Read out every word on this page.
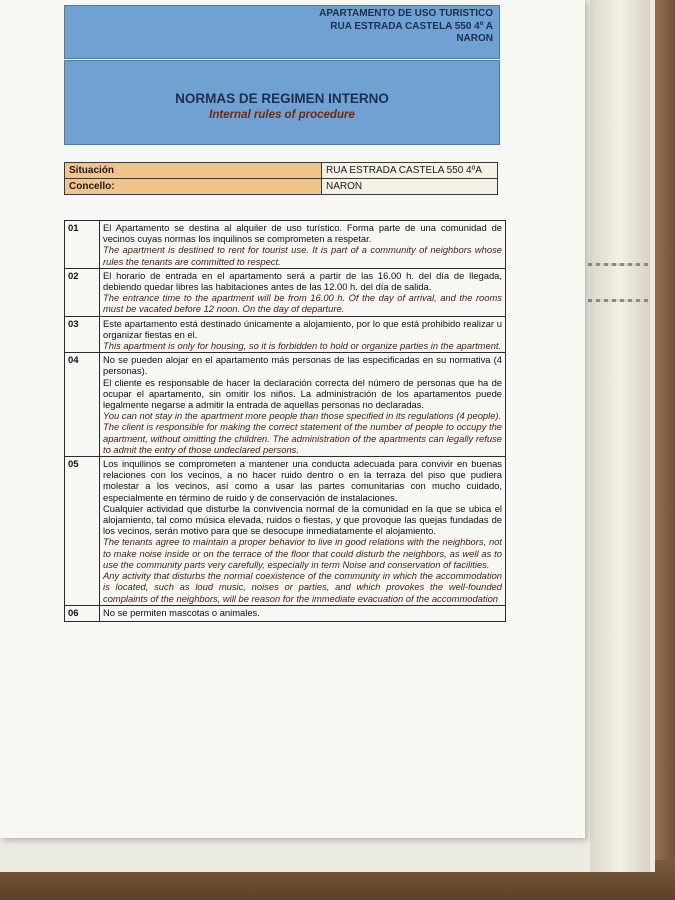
APARTAMENTO DE USO TURISTICO
RUA ESTRADA CASTELA 550 4º A
NARON
NORMAS DE REGIMEN INTERNO
Internal rules of procedure
Situación	RUA ESTRADA CASTELA 550 4ºA
Concello:	NARON
01	El Apartamento se destina al alquiler de uso turístico. Forma parte de una comunidad de vecinos cuyas normas los inquilinos se comprometen a respetar.
The apartment is destined to rent for tourist use. It is part of a community of neighbors whose rules the tenants are committed to respect.

02	El horario de entrada en el apartamento será a partir de las 16.00 h. del día de llegada, debiendo quedar libres las habitaciones antes de las 12.00 h. del día de salida.
The entrance time to the apartment will be from 16.00 h. Of the day of arrival, and the rooms must be vacated before 12 noon. On the day of departure.

03	Este apartamento está destinado únicamente a alojamiento, por lo que está prohibido realizar u organizar fiestas en el.
This apartment is only for housing, so it is forbidden to hold or organize parties in the apartment.

04	No se pueden alojar en el apartamento más personas de las especificadas en su normativa (4 personas).
El cliente es responsable de hacer la declaración correcta del número de personas que ha de ocupar el apartamento, sin omitir los niños. La administración de los apartamentos puede legalmente negarse a admitir la entrada de aquellas personas no declaradas.
You can not stay in the apartment more people than those specified in its regulations (4 people).
The client is responsible for making the correct statement of the number of people to occupy the apartment, without omitting the children. The administration of the apartments can legally refuse to admit the entry of those undeclared persons.

05	Los inquilinos se comprometen a mantener una conducta adecuada para convivir en buenas relaciones con los vecinos, a no hacer ruido dentro o en la terraza del piso que pudiera molestar a los vecinos, así como a usar las partes comunitarias con mucho cuidado, especialmente en término de ruido y de conservación de instalaciones.
Cualquier actividad que disturbe la convivencia normal de la comunidad en la que se ubica el alojamiento, tal como música elevada, ruidos o fiestas, y que provoque las quejas fundadas de los vecinos, serán motivo para que se desocupe inmediatamente el alojamiento.
The tenants agree to maintain a proper behavior to live in good relations with the neighbors, not to make noise inside or on the terrace of the floor that could disturb the neighbors, as well as to use the community parts very carefully, especially in term Noise and conservation of facilities.
Any activity that disturbs the normal coexistence of the community in which the accommodation is located, such as loud music, noises or parties, and which provokes the well-founded complaints of the neighbors, will be reason for the immediate evacuation of the accommodation

06	No se permiten mascotas o animales.
